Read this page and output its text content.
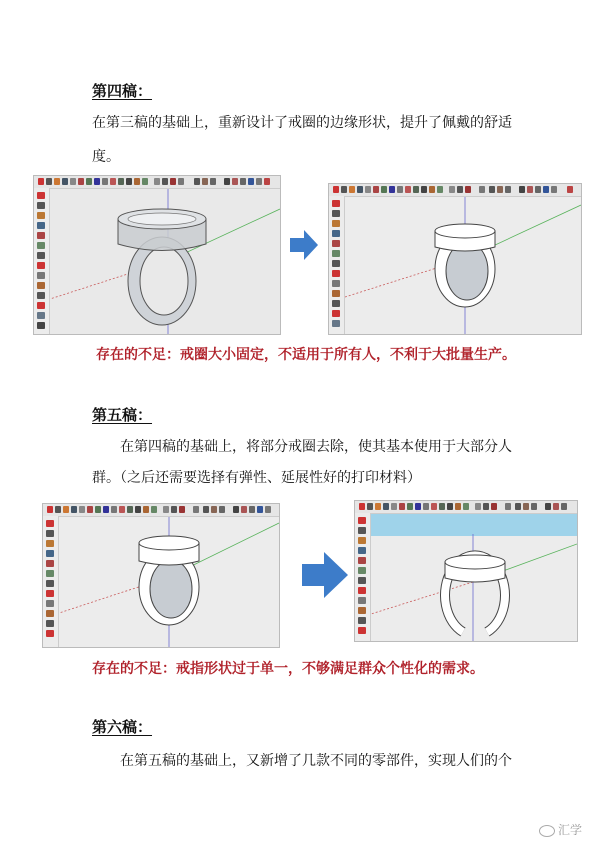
第四稿：
在第三稿的基础上，重新设计了戒圈的边缘形状，提升了佩戴的舒适
度。
存在的不足：戒圈大小固定，不适用于所有人，不利于大批量生产。
第五稿：
在第四稿的基础上，将部分戒圈去除，使其基本使用于大部分人
群。（之后还需要选择有弹性、延展性好的打印材料）
存在的不足：戒指形状过于单一，不够满足群众个性化的需求。
第六稿：
在第五稿的基础上，又新增了几款不同的零部件，实现人们的个
汇学
